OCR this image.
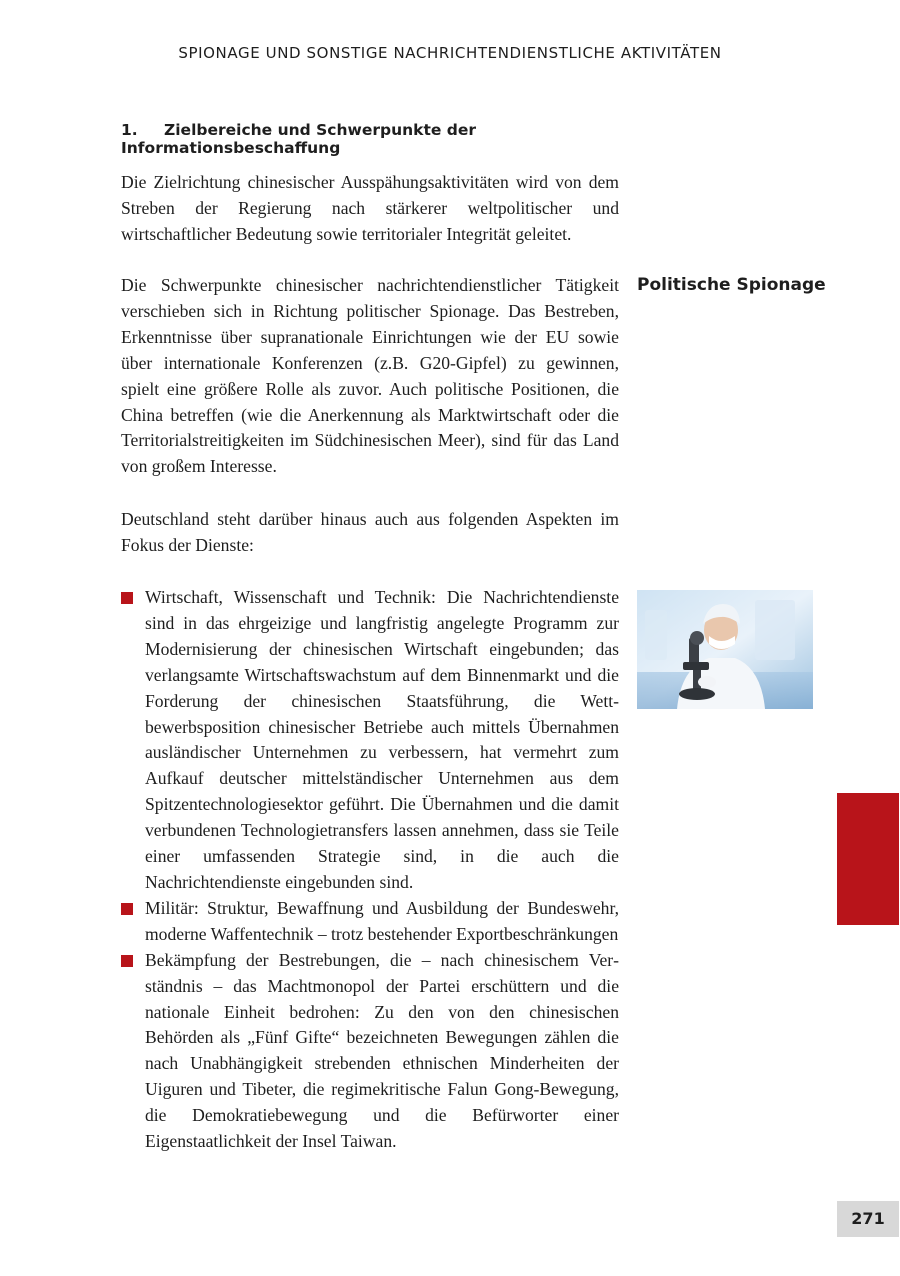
SPIONAGE UND SONSTIGE NACHRICHTENDIENSTLICHE AKTIVITÄTEN
1. Zielbereiche und Schwerpunkte der Informationsbeschaffung

Die Zielrichtung chinesischer Ausspähungsaktivitäten wird von dem Streben der Regierung nach stärkerer weltpolitischer und wirtschaftlicher Bedeutung sowie territorialer Integrität geleitet.

Die Schwerpunkte chinesischer nachrichtendienstlicher Tätigkeit verschieben sich in Richtung politischer Spionage. Das Bestreben, Erkenntnisse über supranationale Einrichtungen wie der EU sowie über internationale Konferenzen (z.B. G20-Gipfel) zu gewinnen, spielt eine größere Rolle als zuvor. Auch politische Positionen, die China betreffen (wie die Anerkennung als Marktwirtschaft oder die Territorialstreitigkeiten im Südchinesischen Meer), sind für das Land von großem Interesse.

Deutschland steht darüber hinaus auch aus folgenden Aspekten im Fokus der Dienste:

Wirtschaft, Wissenschaft und Technik: Die Nachrichtendienste sind in das ehrgeizige und langfristig angelegte Programm zur Modernisierung der chinesischen Wirtschaft eingebunden; das verlangsamte Wirtschaftswachstum auf dem Binnenmarkt und die Forderung der chinesischen Staatsführung, die Wettbewerbsposition chinesischer Betriebe auch mittels Übernahmen ausländischer Unternehmen zu verbessern, hat vermehrt zum Aufkauf deutscher mittelständischer Unternehmen aus dem Spitzentechnologiesektor geführt. Die Übernahmen und die damit verbundenen Technologietransfers lassen annehmen, dass sie Teile einer umfassenden Strategie sind, in die auch die Nachrichtendienste eingebunden sind.
Militär: Struktur, Bewaffnung und Ausbildung der Bundeswehr, moderne Waffentechnik – trotz bestehender Exportbeschränkungen
Bekämpfung der Bestrebungen, die – nach chinesischem Verständnis – das Machtmonopol der Partei erschüttern und die nationale Einheit bedrohen: Zu den von den chinesischen Behörden als „Fünf Gifte“ bezeichneten Bewegungen zählen die nach Unabhängigkeit strebenden ethnischen Minderheiten der Uiguren und Tibeter, die regimekritische Falun Gong-Bewegung, die Demokratiebewegung und die Befürworter einer Eigenstaatlichkeit der Insel Taiwan.
Politische Spionage
271
